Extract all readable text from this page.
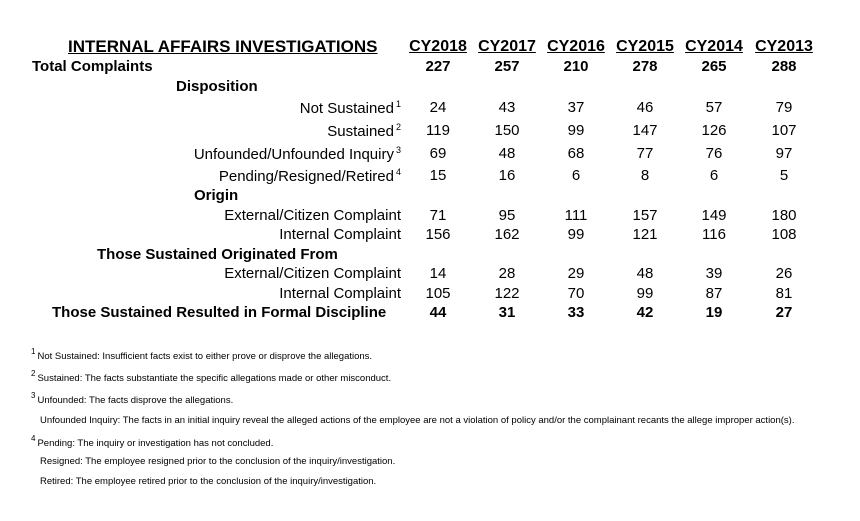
INTERNAL AFFAIRS INVESTIGATIONS CY2018 CY2017 CY2016 CY2015 CY2014 CY2013
Total Complaints	227	257	210	278	265	288
Disposition
Not Sustained $^1$	24	43	37	46	57	79
Sustained $^2$	119	150	99	147	126	107
Unfounded/Unfounded Inquiry $^3$	69	48	68	77	76	97
Pending/Resigned/Retired $^4$	15	16	6	8	6	5
Origin
External/Citizen Complaint	71	95	111	157	149	180
Internal Complaint	156	162	99	121	116	108
Those Sustained Originated From
External/Citizen Complaint	14	28	29	48	39	26
Internal Complaint	105	122	70	99	87	81
Those Sustained Resulted in Formal Discipline	44	31	33	42	19	27
$^1$ Not Sustained: Insufficient facts exist to either prove or disprove the allegations.
$^2$ Sustained: The facts substantiate the specific allegations made or other misconduct.
$^3$ Unfounded: The facts disprove the allegations.
Unfounded Inquiry: The facts in an initial inquiry reveal the alleged actions of the employee are not a violation of policy and/or the complainant recants the allege improper action(s).
$^4$ Pending: The inquiry or investigation has not concluded.
Resigned: The employee resigned prior to the conclusion of the inquiry/investigation.
Retired: The employee retired prior to the conclusion of the inquiry/investigation.
